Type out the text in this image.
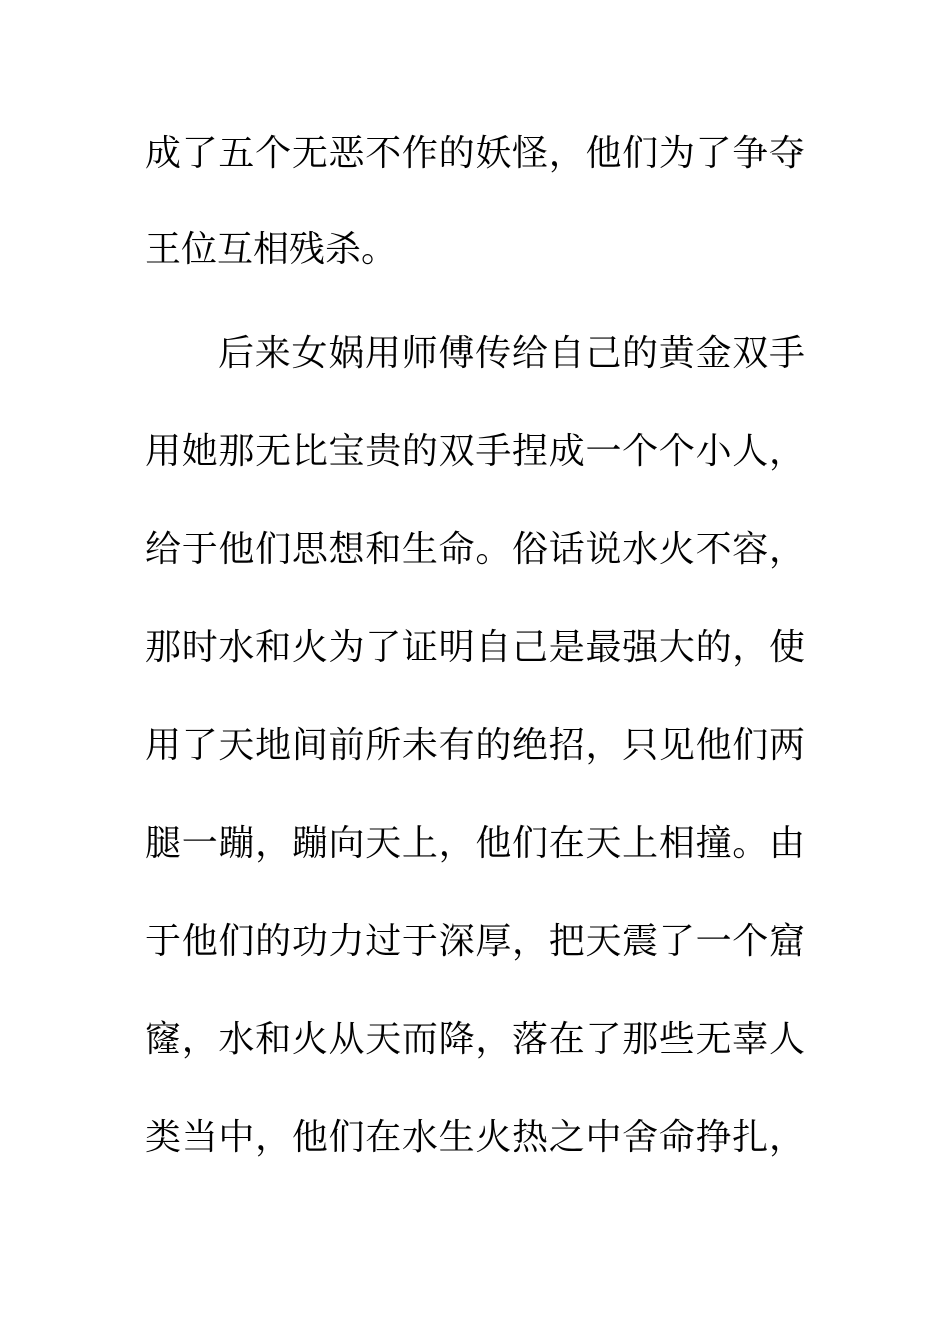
成了五个无恶不作的妖怪，他们为了争夺
王位互相残杀。
后来女娲用师傅传给自己的黄金双手
用她那无比宝贵的双手捏成一个个小人，
给于他们思想和生命。俗话说水火不容，
那时水和火为了证明自己是最强大的，使
用了天地间前所未有的绝招，只见他们两
腿一蹦，蹦向天上，他们在天上相撞。由
于他们的功力过于深厚，把天震了一个窟
窿，水和火从天而降，落在了那些无辜人
类当中，他们在水生火热之中舍命挣扎，
